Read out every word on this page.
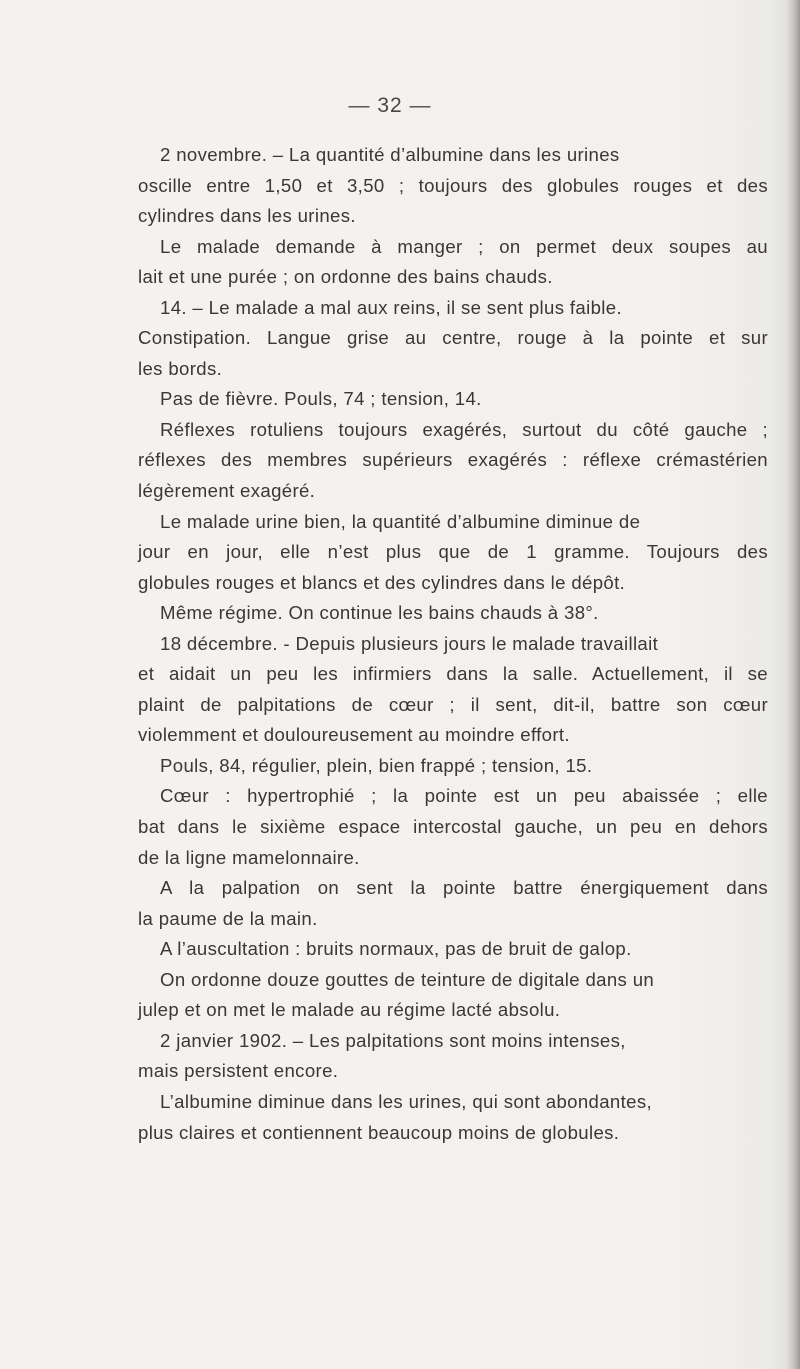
— 32 —
2 novembre. – La quantité d’albumine dans les urines
oscille entre 1,50 et 3,50 ; toujours des globules rouges et des
cylindres dans les urines.
Le malade demande à manger ; on permet deux soupes au
lait et une purée ; on ordonne des bains chauds.
14. – Le malade a mal aux reins, il se sent plus faible.
Constipation. Langue grise au centre, rouge à la pointe et sur
les bords.
Pas de fièvre. Pouls, 74 ; tension, 14.
Réflexes rotuliens toujours exagérés, surtout du côté gauche ;
réflexes des membres supérieurs exagérés : réflexe crémastérien
légèrement exagéré.
Le malade urine bien, la quantité d’albumine diminue de
jour en jour, elle n’est plus que de 1 gramme. Toujours des
globules rouges et blancs et des cylindres dans le dépôt.
Même régime. On continue les bains chauds à 38°.
18 décembre. - Depuis plusieurs jours le malade travaillait
et aidait un peu les infirmiers dans la salle. Actuellement, il se
plaint de palpitations de cœur ; il sent, dit-il, battre son cœur
violemment et douloureusement au moindre effort.
Pouls, 84, régulier, plein, bien frappé ; tension, 15.
Cœur : hypertrophié ; la pointe est un peu abaissée ; elle
bat dans le sixième espace intercostal gauche, un peu en dehors
de la ligne mamelonnaire.
A la palpation on sent la pointe battre énergiquement dans
la paume de la main.
A l’auscultation : bruits normaux, pas de bruit de galop.
On ordonne douze gouttes de teinture de digitale dans un
julep et on met le malade au régime lacté absolu.
2 janvier 1902. – Les palpitations sont moins intenses,
mais persistent encore.
L’albumine diminue dans les urines, qui sont abondantes,
plus claires et contiennent beaucoup moins de globules.
